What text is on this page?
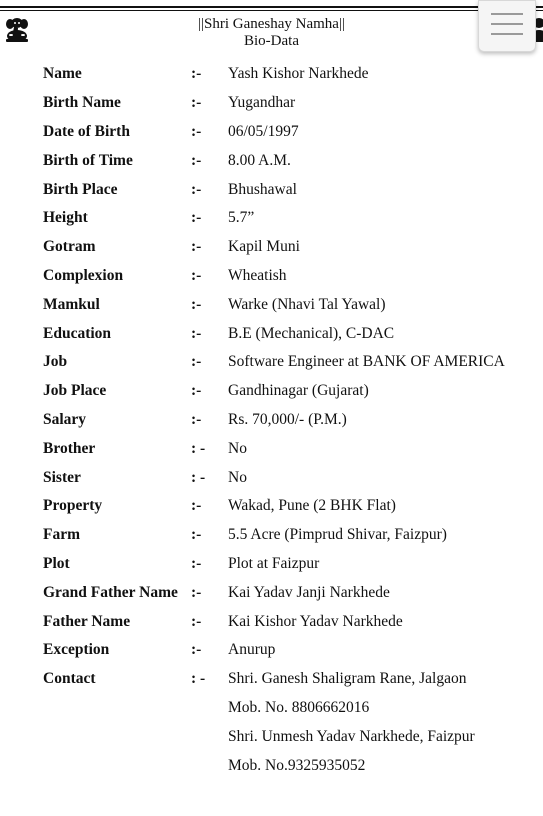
||Shri Ganeshay Namha||
Bio-Data
Name	:-	Yash Kishor Narkhede
Birth Name	:-	Yugandhar
Date of Birth	:-	06/05/1997
Birth of Time	:-	8.00 A.M.
Birth Place	:-	Bhushawal
Height	:-	5.7”
Gotram	:-	Kapil Muni
Complexion	:-	Wheatish
Mamkul	:-	Warke (Nhavi Tal Yawal)
Education	:-	B.E (Mechanical), C-DAC
Job	:-	Software Engineer at BANK OF AMERICA
Job Place	:-	Gandhinagar (Gujarat)
Salary	:-	Rs. 70,000/- (P.M.)
Brother	: -	No
Sister	: -	No
Property	:-	Wakad, Pune (2 BHK Flat)
Farm	:-	5.5 Acre (Pimprud Shivar, Faizpur)
Plot	:-	Plot at Faizpur
Grand Father Name :-	Kai Yadav Janji Narkhede
Father Name	:-	Kai Kishor Yadav Narkhede
Exception	:-	Anurup
Contact	: -	Shri. Ganesh Shaligram Rane, Jalgaon
Mob. No. 8806662016
Shri. Unmesh Yadav Narkhede, Faizpur
Mob. No.9325935052
